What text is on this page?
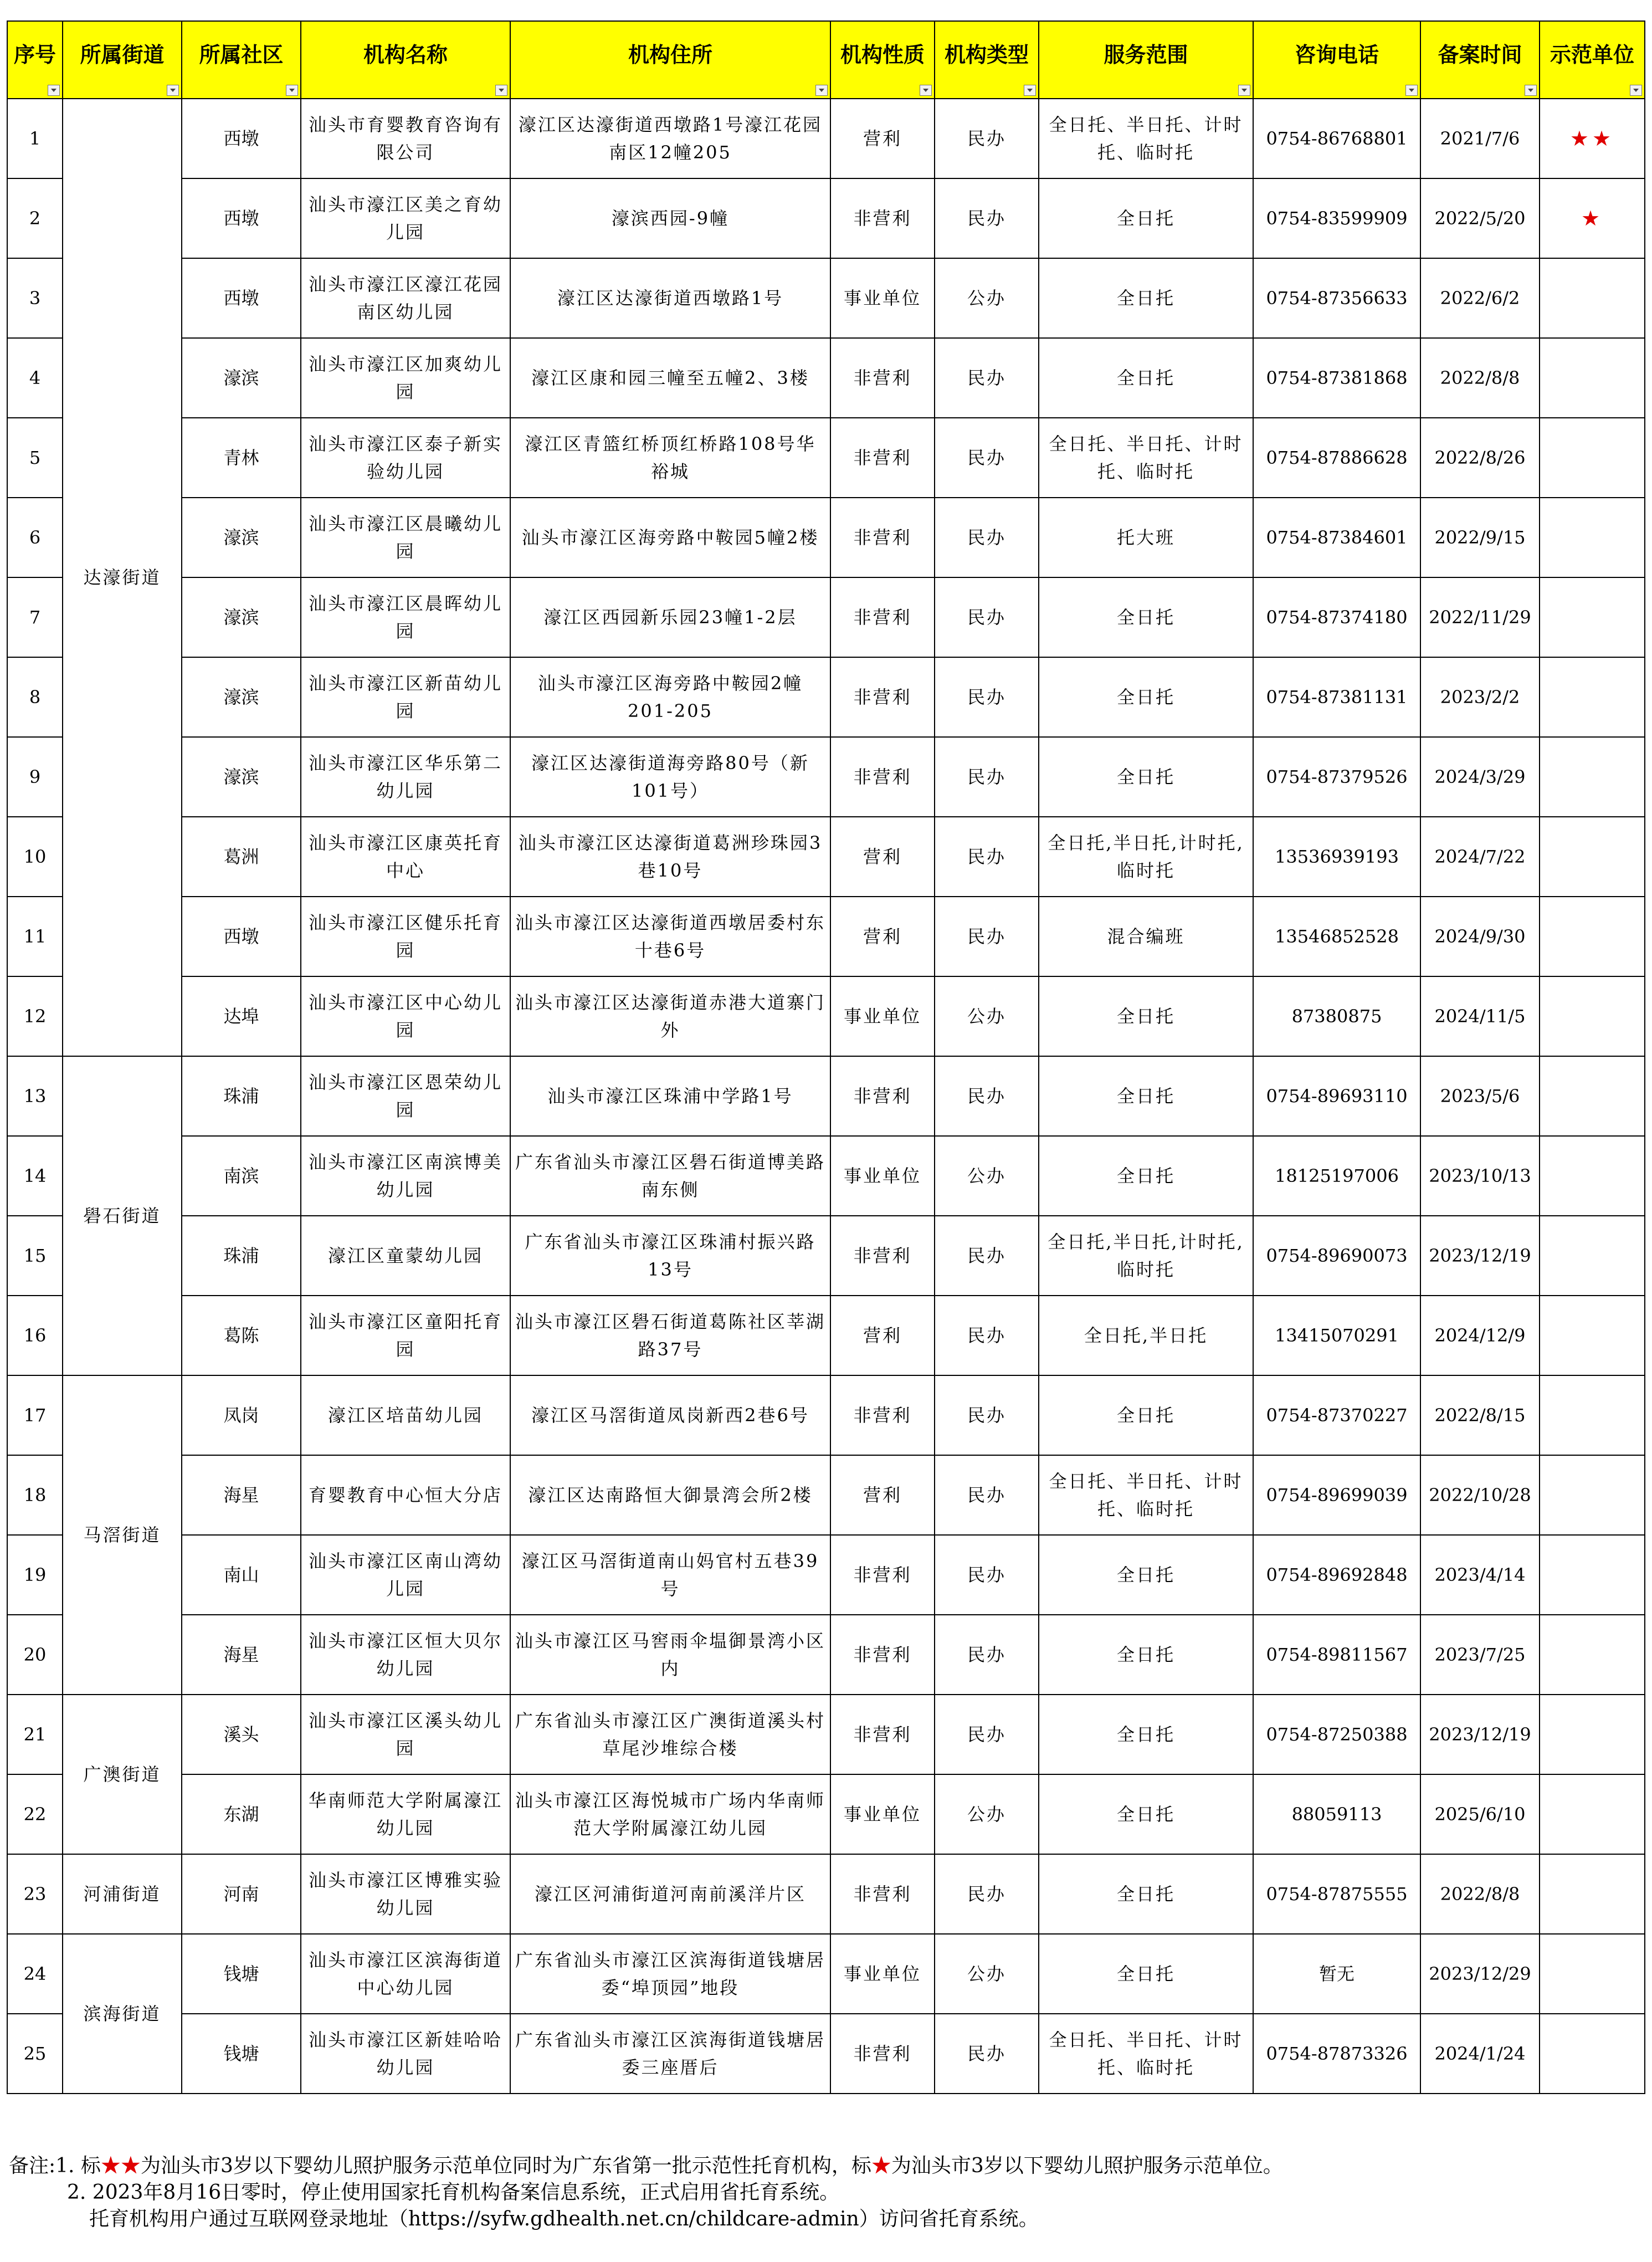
序号	所属街道	所属社区	机构名称	机构住所	机构性质	机构类型	服务范围	咨询电话	备案时间	示范单位

1	达濠街道	西墩	汕头市育婴教育咨询有限公司	濠江区达濠街道西墩路1号濠江花园南区12幢205	营利	民办	全日托、半日托、计时托、临时托	0754-86768801	2021/7/6	★★
2		西墩	汕头市濠江区美之育幼儿园	濠滨西园-9幢	非营利	民办	全日托	0754-83599909	2022/5/20	★
3		西墩	汕头市濠江区濠江花园南区幼儿园	濠江区达濠街道西墩路1号	事业单位	公办	全日托	0754-87356633	2022/6/2	
4		濠滨	汕头市濠江区加爽幼儿园	濠江区康和园三幢至五幢2、3楼	非营利	民办	全日托	0754-87381868	2022/8/8	
5		青林	汕头市濠江区泰子新实验幼儿园	濠江区青篮红桥顶红桥路108号华裕城	非营利	民办	全日托、半日托、计时托、临时托	0754-87886628	2022/8/26	
6		濠滨	汕头市濠江区晨曦幼儿园	汕头市濠江区海旁路中鞍园5幢2楼	非营利	民办	托大班	0754-87384601	2022/9/15	
7		濠滨	汕头市濠江区晨晖幼儿园	濠江区西园新乐园23幢1-2层	非营利	民办	全日托	0754-87374180	2022/11/29	
8		濠滨	汕头市濠江区新苗幼儿园	汕头市濠江区海旁路中鞍园2幢201-205	非营利	民办	全日托	0754-87381131	2023/2/2	
9		濠滨	汕头市濠江区华乐第二幼儿园	濠江区达濠街道海旁路80号（新101号）	非营利	民办	全日托	0754-87379526	2024/3/29	
10		葛洲	汕头市濠江区康英托育中心	汕头市濠江区达濠街道葛洲珍珠园3巷10号	营利	民办	全日托,半日托,计时托,临时托	13536939193	2024/7/22	
11		西墩	汕头市濠江区健乐托育园	汕头市濠江区达濠街道西墩居委村东十巷6号	营利	民办	混合编班	13546852528	2024/9/30	
12		达埠	汕头市濠江区中心幼儿园	汕头市濠江区达濠街道赤港大道寨门外	事业单位	公办	全日托	87380875	2024/11/5	
13	礐石街道	珠浦	汕头市濠江区恩荣幼儿园	汕头市濠江区珠浦中学路1号	非营利	民办	全日托	0754-89693110	2023/5/6	
14		南滨	汕头市濠江区南滨博美幼儿园	广东省汕头市濠江区礐石街道博美路南东侧	事业单位	公办	全日托	18125197006	2023/10/13	
15		珠浦	濠江区童蒙幼儿园	广东省汕头市濠江区珠浦村振兴路13号	非营利	民办	全日托,半日托,计时托,临时托	0754-89690073	2023/12/19	
16		葛陈	汕头市濠江区童阳托育园	汕头市濠江区礐石街道葛陈社区莘湖路37号	营利	民办	全日托,半日托	13415070291	2024/12/9	
17	马滘街道	凤岗	濠江区培苗幼儿园	濠江区马滘街道凤岗新西2巷6号	非营利	民办	全日托	0754-87370227	2022/8/15	
18		海星	育婴教育中心恒大分店	濠江区达南路恒大御景湾会所2楼	营利	民办	全日托、半日托、计时托、临时托	0754-89699039	2022/10/28	
19		南山	汕头市濠江区南山湾幼儿园	濠江区马滘街道南山妈官村五巷39号	非营利	民办	全日托	0754-89692848	2023/4/14	
20		海星	汕头市濠江区恒大贝尔幼儿园	汕头市濠江区马窖雨伞塭御景湾小区内	非营利	民办	全日托	0754-89811567	2023/7/25	
21	广澳街道	溪头	汕头市濠江区溪头幼儿园	广东省汕头市濠江区广澳街道溪头村草尾沙堆综合楼	非营利	民办	全日托	0754-87250388	2023/12/19	
22		东湖	华南师范大学附属濠江幼儿园	汕头市濠江区海悦城市广场内华南师范大学附属濠江幼儿园	事业单位	公办	全日托	88059113	2025/6/10	
23	河浦街道	河南	汕头市濠江区博雅实验幼儿园	濠江区河浦街道河南前溪洋片区	非营利	民办	全日托	0754-87875555	2022/8/8	
24	滨海街道	钱塘	汕头市濠江区滨海街道中心幼儿园	广东省汕头市濠江区滨海街道钱塘居委“埠顶园”地段	事业单位	公办	全日托	暂无	2023/12/29	
25		钱塘	汕头市濠江区新娃哈哈幼儿园	广东省汕头市濠江区滨海街道钱塘居委三座厝后	非营利	民办	全日托、半日托、计时托、临时托	0754-87873326	2024/1/24	
备注:1. 标★★为汕头市3岁以下婴幼儿照护服务示范单位同时为广东省第一批示范性托育机构，标★为汕头市3岁以下婴幼儿照护服务示范单位。
2. 2023年8月16日零时，停止使用国家托育机构备案信息系统，正式启用省托育系统。
托育机构用户通过互联网登录地址（https://syfw.gdhealth.net.cn/childcare-admin）访问省托育系统。
